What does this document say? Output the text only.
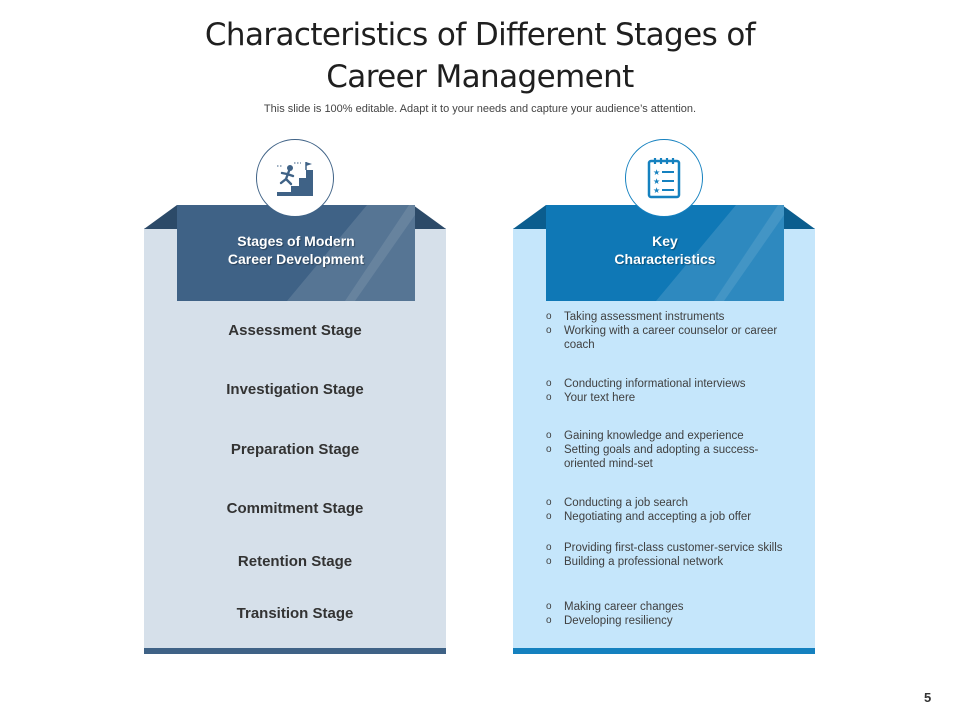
Characteristics of Different Stages of
Career Management
This slide is 100% editable. Adapt it to your needs and capture your audience’s attention.
Stages of Modern
Career Development
Assessment Stage
Investigation Stage
Preparation Stage
Commitment Stage
Retention Stage
Transition Stage
Key
Characteristics
★
★
★
o Taking assessment instruments
o Working with a career counselor or career coach
o Conducting informational interviews
o Your text here
o Gaining knowledge and experience
o Setting goals and adopting a success-oriented mind-set
o Conducting a job search
o Negotiating and accepting a job offer
o Providing first-class customer-service skills
o Building a professional network
o Making career changes
o Developing resiliency
5
